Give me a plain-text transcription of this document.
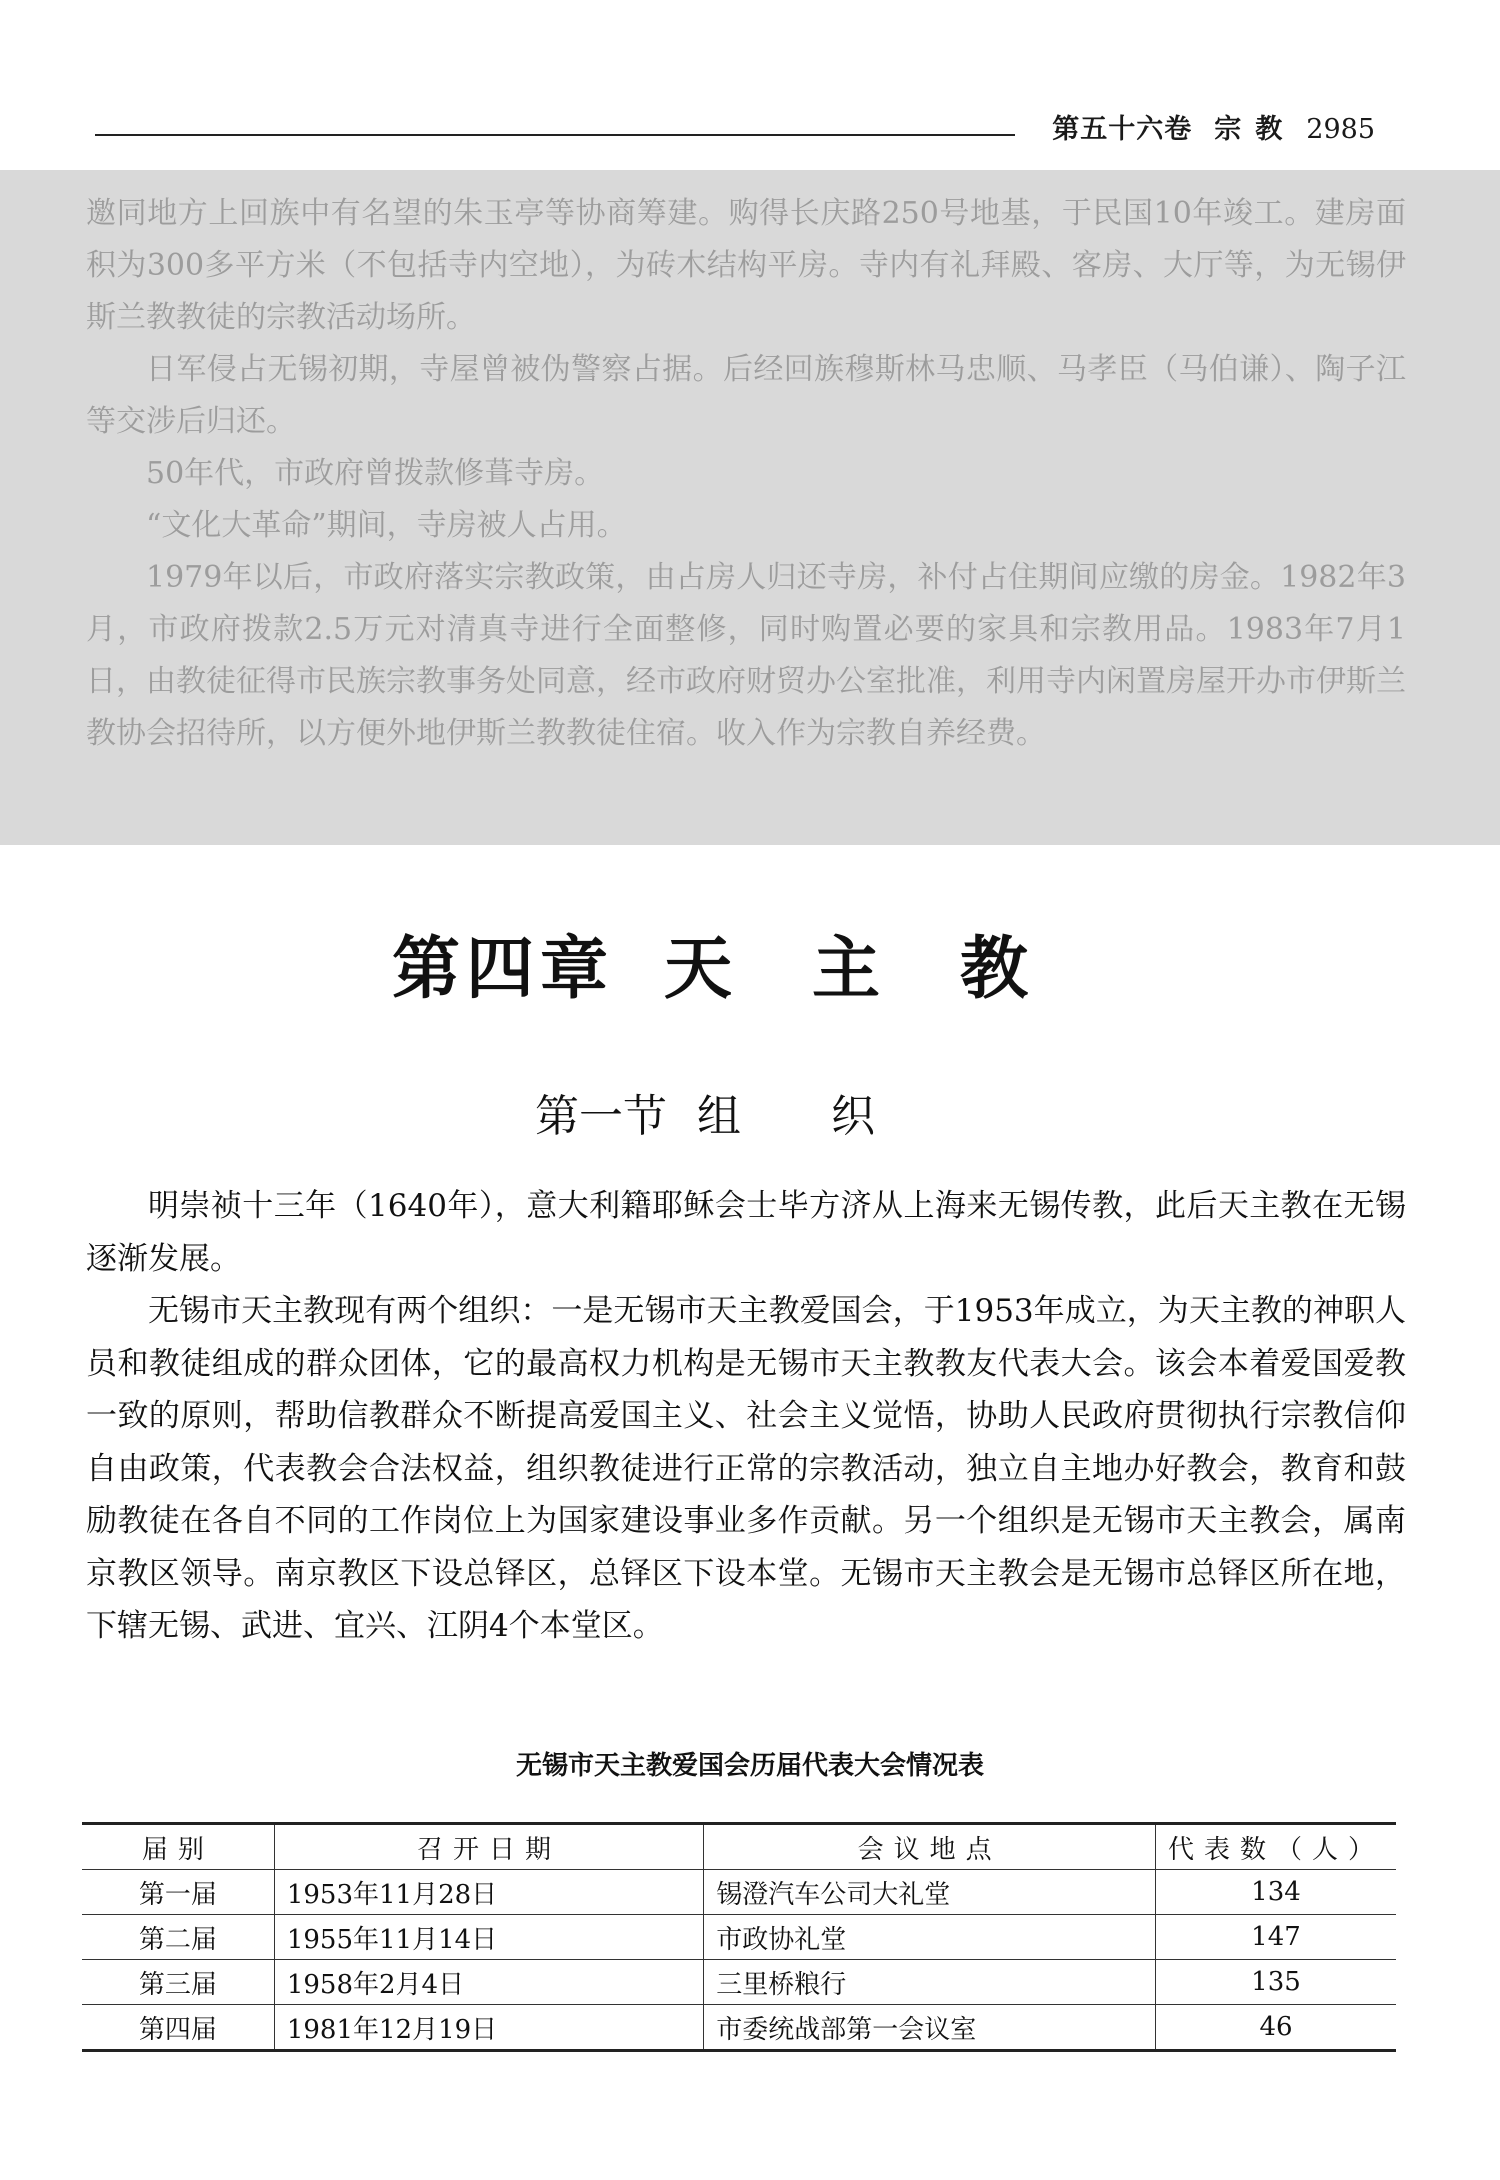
第五十六卷 宗教 2985

邀同地方上回族中有名望的朱玉亭等协商筹建。购得长庆路250号地基，于民国10年竣工。建房面积为300多平方米（不包括寺内空地），为砖木结构平房。寺内有礼拜殿、客房、大厅等，为无锡伊斯兰教教徒的宗教活动场所。

日军侵占无锡初期，寺屋曾被伪警察占据。后经回族穆斯林马忠顺、马孝臣（马伯谦）、陶子江等交涉后归还。

50年代，市政府曾拨款修葺寺房。

“文化大革命”期间，寺房被人占用。

1979年以后，市政府落实宗教政策，由占房人归还寺房，补付占住期间应缴的房金。1982年3月，市政府拨款2.5万元对清真寺进行全面整修，同时购置必要的家具和宗教用品。1983年7月1日，由教徒征得市民族宗教事务处同意，经市政府财贸办公室批准，利用寺内闲置房屋开办市伊斯兰教协会招待所，以方便外地伊斯兰教教徒住宿。收入作为宗教自养经费。

第四章 天主教
第一节 组织

明崇祯十三年（1640年），意大利籍耶稣会士毕方济从上海来无锡传教，此后天主教在无锡逐渐发展。

无锡市天主教现有两个组织：一是无锡市天主教爱国会，于1953年成立，为天主教的神职人员和教徒组成的群众团体，它的最高权力机构是无锡市天主教教友代表大会。该会本着爱国爱教一致的原则，帮助信教群众不断提高爱国主义、社会主义觉悟，协助人民政府贯彻执行宗教信仰自由政策，代表教会合法权益，组织教徒进行正常的宗教活动，独立自主地办好教会，教育和鼓励教徒在各自不同的工作岗位上为国家建设事业多作贡献。另一个组织是无锡市天主教会，属南京教区领导。南京教区下设总铎区，总铎区下设本堂。无锡市天主教会是无锡市总铎区所在地，下辖无锡、武进、宜兴、江阴4个本堂区。

无锡市天主教爱国会历届代表大会情况表
届别	召开日期	会议地点	代表数（人）
第一届	1953年11月28日	锡澄汽车公司大礼堂	134
第二届	1955年11月14日	市政协礼堂	147
第三届	1958年2月4日	三里桥粮行	135
第四届	1981年12月19日	市委统战部第一会议室	46
